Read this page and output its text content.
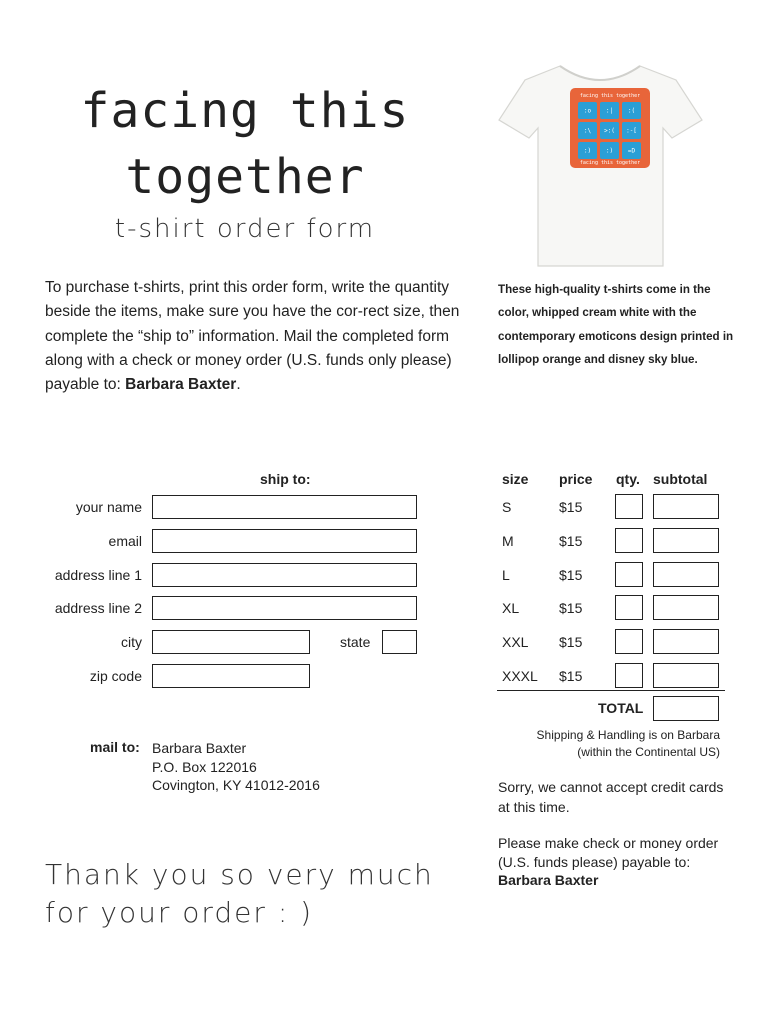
facing this
together
t-shirt order form
facing this together
facing this together
:o :| :(
:\ >:( :-[
:) :) =D
To purchase t-shirts, print this order form, write the quantity beside the items, make sure you have the cor-rect size, then complete the “ship to” information. Mail the completed form along with a check or money order (U.S. funds only please) payable to: Barbara Baxter.
These high-quality t-shirts come in the color, whipped cream white with the contemporary emoticons design printed in lollipop orange and disney sky blue.
ship to:
your name
email
address line 1
address line 2
city	state
zip code
size price qty. subtotal
S	$15
M	$15
L	$15
XL	$15
XXL $15
XXXL $15
TOTAL
Shipping & Handling is on Barbara
(within the Continental US)
Sorry, we cannot accept credit cards at this time.
Please make check or money order (U.S. funds please) payable to:
Barbara Baxter
mail to: Barbara Baxter
P.O. Box 122016
Covington, KY 41012-2016
Thank you so very much
for your order : )
